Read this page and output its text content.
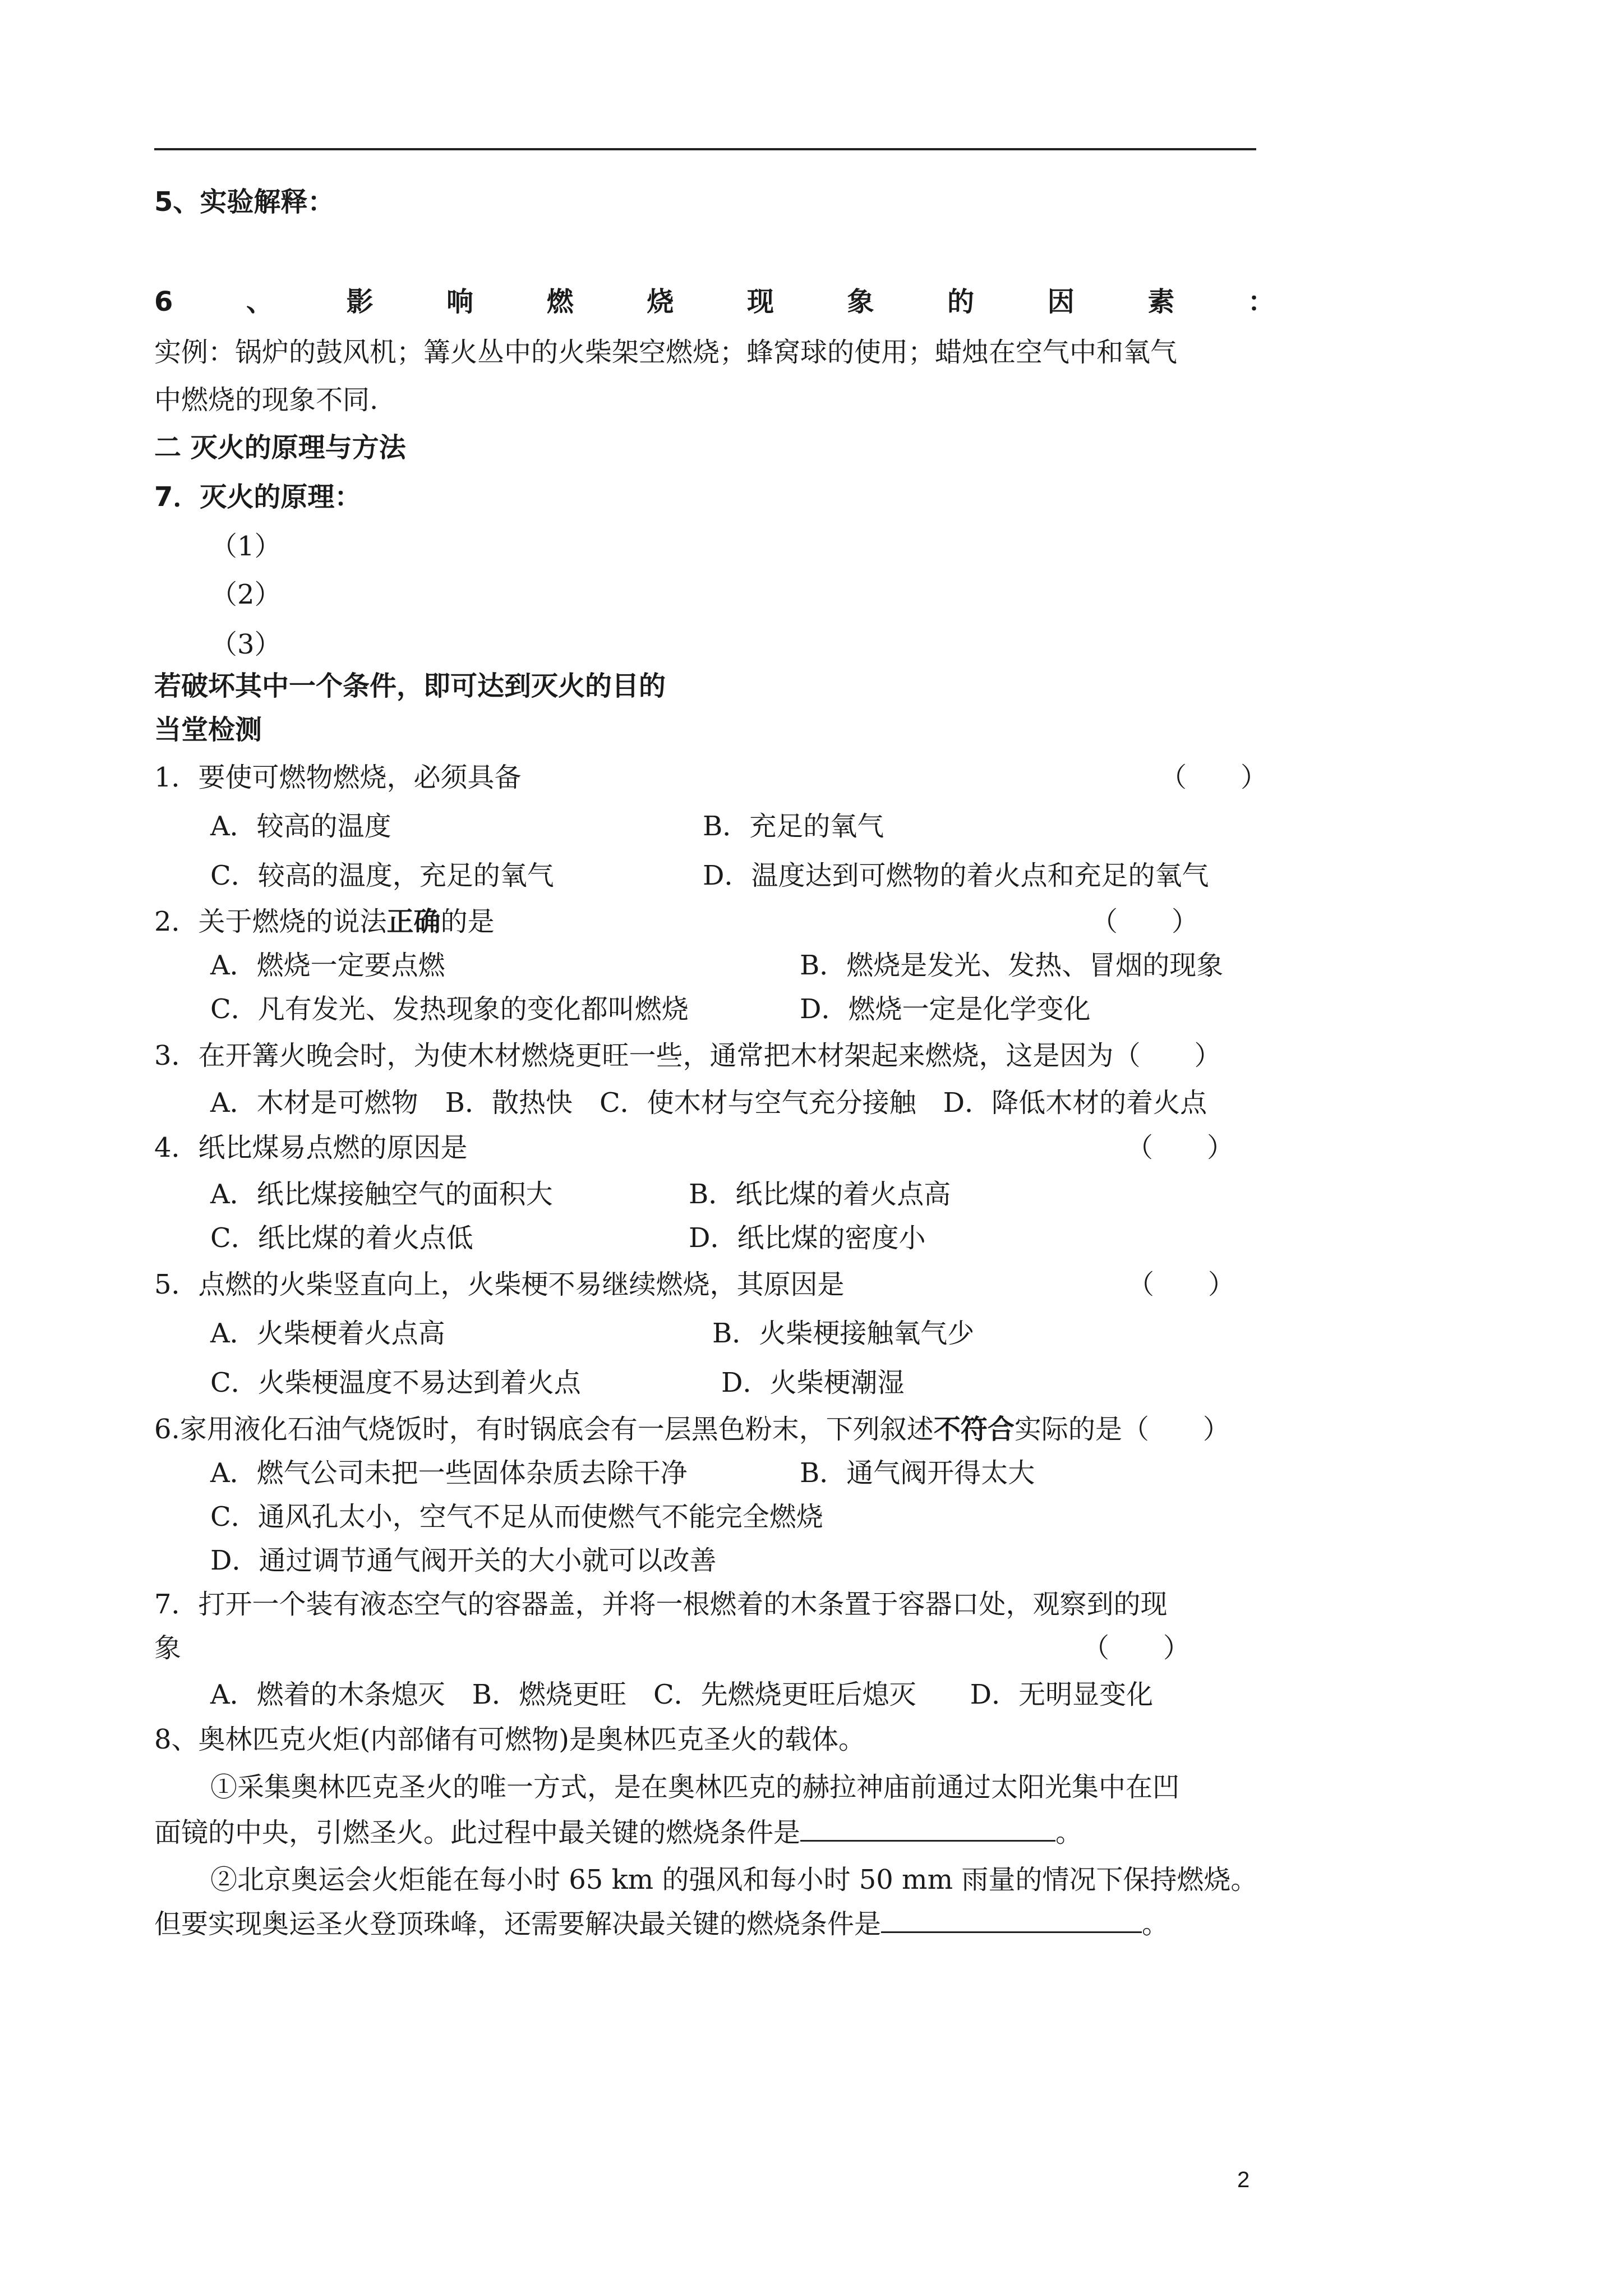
5、实验解释：
6	、	影	响	燃	烧	现	象	的	因	素	：
实例：锅炉的鼓风机；篝火丛中的火柴架空燃烧；蜂窝球的使用；蜡烛在空气中和氧气
中燃烧的现象不同.
二 灭火的原理与方法
7．灭火的原理：
（1）
（2）
（3）
若破坏其中一个条件，即可达到灭火的目的
当堂检测
1．要使可燃物燃烧，必须具备	（　　）
A．较高的温度	B．充足的氧气
C．较高的温度，充足的氧气	D．温度达到可燃物的着火点和充足的氧气
2．关于燃烧的说法正确的是	（　　）
A．燃烧一定要点燃	B．燃烧是发光、发热、冒烟的现象
C．凡有发光、发热现象的变化都叫燃烧	D．燃烧一定是化学变化
3．在开篝火晚会时，为使木材燃烧更旺一些，通常把木材架起来燃烧，这是因为（　　）
A．木材是可燃物　B．散热快　C．使木材与空气充分接触　D．降低木材的着火点
4．纸比煤易点燃的原因是	（　　）
A．纸比煤接触空气的面积大	B．纸比煤的着火点高
C．纸比煤的着火点低	D．纸比煤的密度小
5．点燃的火柴竖直向上，火柴梗不易继续燃烧，其原因是	（　　）
A．火柴梗着火点高	B．火柴梗接触氧气少
C．火柴梗温度不易达到着火点	D．火柴梗潮湿
6.家用液化石油气烧饭时，有时锅底会有一层黑色粉末，下列叙述不符合实际的是（　　）
A．燃气公司未把一些固体杂质去除干净	B．通气阀开得太大
C．通风孔太小，空气不足从而使燃气不能完全燃烧
D．通过调节通气阀开关的大小就可以改善
7．打开一个装有液态空气的容器盖，并将一根燃着的木条置于容器口处，观察到的现
象	（　　）
A．燃着的木条熄灭　B．燃烧更旺　C．先燃烧更旺后熄灭　　D．无明显变化
8、奥林匹克火炬(内部储有可燃物)是奥林匹克圣火的载体。
①采集奥林匹克圣火的唯一方式，是在奥林匹克的赫拉神庙前通过太阳光集中在凹
面镜的中央，引燃圣火。此过程中最关键的燃烧条件是	。
②北京奥运会火炬能在每小时 65 km 的强风和每小时 50 mm 雨量的情况下保持燃烧。
但要实现奥运圣火登顶珠峰，还需要解决最关键的燃烧条件是	。
2
